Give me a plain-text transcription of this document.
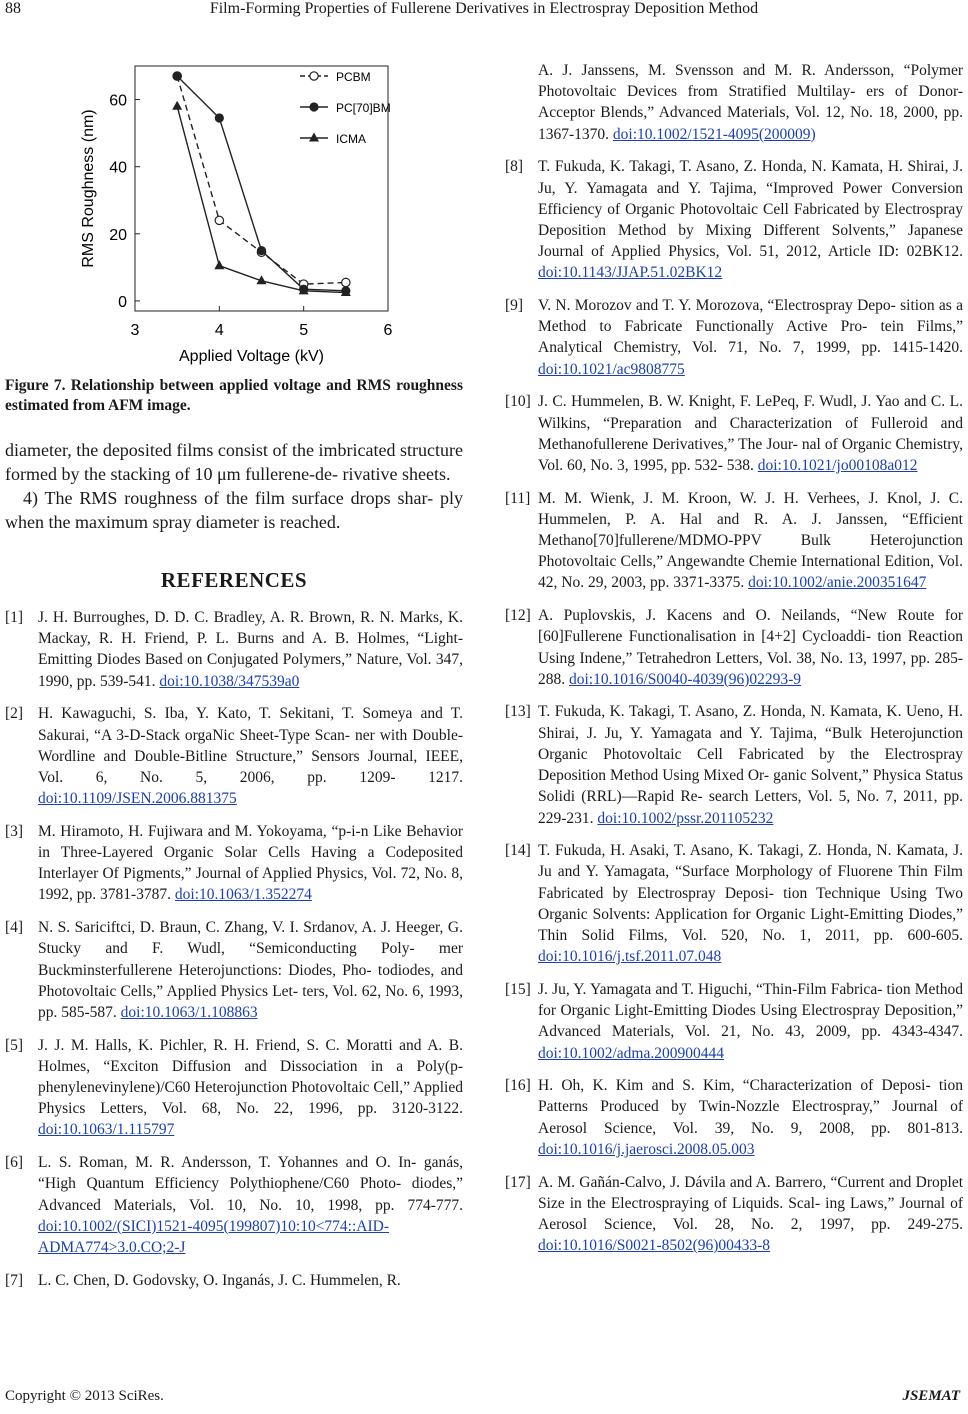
88	Film-Forming Properties of Fullerene Derivatives in Electrospray Deposition Method
3	4	5	6
0
20
40
60
Applied Voltage (kV)
RMS Roughness (nm)
PCBM
PC[70]BM
ICMA
Figure 7. Relationship between applied voltage and RMS roughness estimated from AFM image.

diameter, the deposited films consist of the imbricated structure formed by the stacking of 10 μm fullerene-de- rivative sheets.

4) The RMS roughness of the film surface drops shar- ply when the maximum spray diameter is reached.

REFERENCES
[1] J. H. Burroughes, D. D. C. Bradley, A. R. Brown, R. N. Marks, K. Mackay, R. H. Friend, P. L. Burns and A. B. Holmes, “Light-Emitting Diodes Based on Conjugated Polymers,” Nature, Vol. 347, 1990, pp. 539-541. doi:10.1038/347539a0
[2] H. Kawaguchi, S. Iba, Y. Kato, T. Sekitani, T. Someya and T. Sakurai, “A 3-D-Stack orgaNic Sheet-Type Scan- ner with Double-Wordline and Double-Bitline Structure,” Sensors Journal, IEEE, Vol. 6, No. 5, 2006, pp. 1209- 1217. doi:10.1109/JSEN.2006.881375
[3] M. Hiramoto, H. Fujiwara and M. Yokoyama, “p-i-n Like Behavior in Three-Layered Organic Solar Cells Having a Codeposited Interlayer Of Pigments,” Journal of Applied Physics, Vol. 72, No. 8, 1992, pp. 3781-3787. doi:10.1063/1.352274
[4] N. S. Sariciftci, D. Braun, C. Zhang, V. I. Srdanov, A. J. Heeger, G. Stucky and F. Wudl, “Semiconducting Poly- mer Buckminsterfullerene Heterojunctions: Diodes, Pho- todiodes, and Photovoltaic Cells,” Applied Physics Let- ters, Vol. 62, No. 6, 1993, pp. 585-587. doi:10.1063/1.108863
[5] J. J. M. Halls, K. Pichler, R. H. Friend, S. C. Moratti and A. B. Holmes, “Exciton Diffusion and Dissociation in a Poly(p-phenylenevinylene)/C60 Heterojunction Photovoltaic Cell,” Applied Physics Letters, Vol. 68, No. 22, 1996, pp. 3120-3122. doi:10.1063/1.115797
[6] L. S. Roman, M. R. Andersson, T. Yohannes and O. In- ganás, “High Quantum Efficiency Polythiophene/C60 Photo- diodes,” Advanced Materials, Vol. 10, No. 10, 1998, pp. 774-777. doi:10.1002/(SICI)1521-4095(199807)10:10<774::AID- ADMA774>3.0.CO;2-J
[7] L. C. Chen, D. Godovsky, O. Inganás, J. C. Hummelen, R.
A. J. Janssens, M. Svensson and M. R. Andersson, “Polymer Photovoltaic Devices from Stratified Multilay- ers of Donor-Acceptor Blends,” Advanced Materials, Vol. 12, No. 18, 2000, pp. 1367-1370. doi:10.1002/1521-4095(200009)
[8] T. Fukuda, K. Takagi, T. Asano, Z. Honda, N. Kamata, H. Shirai, J. Ju, Y. Yamagata and Y. Tajima, “Improved Power Conversion Efficiency of Organic Photovoltaic Cell Fabricated by Electrospray Deposition Method by Mixing Different Solvents,” Japanese Journal of Applied Physics, Vol. 51, 2012, Article ID: 02BK12. doi:10.1143/JJAP.51.02BK12
[9] V. N. Morozov and T. Y. Morozova, “Electrospray Depo- sition as a Method to Fabricate Functionally Active Pro- tein Films,” Analytical Chemistry, Vol. 71, No. 7, 1999, pp. 1415-1420. doi:10.1021/ac9808775
[10] J. C. Hummelen, B. W. Knight, F. LePeq, F. Wudl, J. Yao and C. L. Wilkins, “Preparation and Characterization of Fulleroid and Methanofullerene Derivatives,” The Jour- nal of Organic Chemistry, Vol. 60, No. 3, 1995, pp. 532- 538. doi:10.1021/jo00108a012
[11] M. M. Wienk, J. M. Kroon, W. J. H. Verhees, J. Knol, J. C. Hummelen, P. A. Hal and R. A. J. Janssen, “Efficient Methano[70]fullerene/MDMO-PPV Bulk Heterojunction Photovoltaic Cells,” Angewandte Chemie International Edition, Vol. 42, No. 29, 2003, pp. 3371-3375. doi:10.1002/anie.200351647
[12] A. Puplovskis, J. Kacens and O. Neilands, “New Route for [60]Fullerene Functionalisation in [4+2] Cycloaddi- tion Reaction Using Indene,” Tetrahedron Letters, Vol. 38, No. 13, 1997, pp. 285-288. doi:10.1016/S0040-4039(96)02293-9
[13] T. Fukuda, K. Takagi, T. Asano, Z. Honda, N. Kamata, K. Ueno, H. Shirai, J. Ju, Y. Yamagata and Y. Tajima, “Bulk Heterojunction Organic Photovoltaic Cell Fabricated by the Electrospray Deposition Method Using Mixed Or- ganic Solvent,” Physica Status Solidi (RRL)—Rapid Re- search Letters, Vol. 5, No. 7, 2011, pp. 229-231. doi:10.1002/pssr.201105232
[14] T. Fukuda, H. Asaki, T. Asano, K. Takagi, Z. Honda, N. Kamata, J. Ju and Y. Yamagata, “Surface Morphology of Fluorene Thin Film Fabricated by Electrospray Deposi- tion Technique Using Two Organic Solvents: Application for Organic Light-Emitting Diodes,” Thin Solid Films, Vol. 520, No. 1, 2011, pp. 600-605. doi:10.1016/j.tsf.2011.07.048
[15] J. Ju, Y. Yamagata and T. Higuchi, “Thin-Film Fabrica- tion Method for Organic Light-Emitting Diodes Using Electrospray Deposition,” Advanced Materials, Vol. 21, No. 43, 2009, pp. 4343-4347. doi:10.1002/adma.200900444
[16] H. Oh, K. Kim and S. Kim, “Characterization of Deposi- tion Patterns Produced by Twin-Nozzle Electrospray,” Journal of Aerosol Science, Vol. 39, No. 9, 2008, pp. 801-813. doi:10.1016/j.jaerosci.2008.05.003
[17] A. M. Gañán-Calvo, J. Dávila and A. Barrero, “Current and Droplet Size in the Electrospraying of Liquids. Scal- ing Laws,” Journal of Aerosol Science, Vol. 28, No. 2, 1997, pp. 249-275. doi:10.1016/S0021-8502(96)00433-8
Copyright © 2013 SciRes.	JSEMAT
